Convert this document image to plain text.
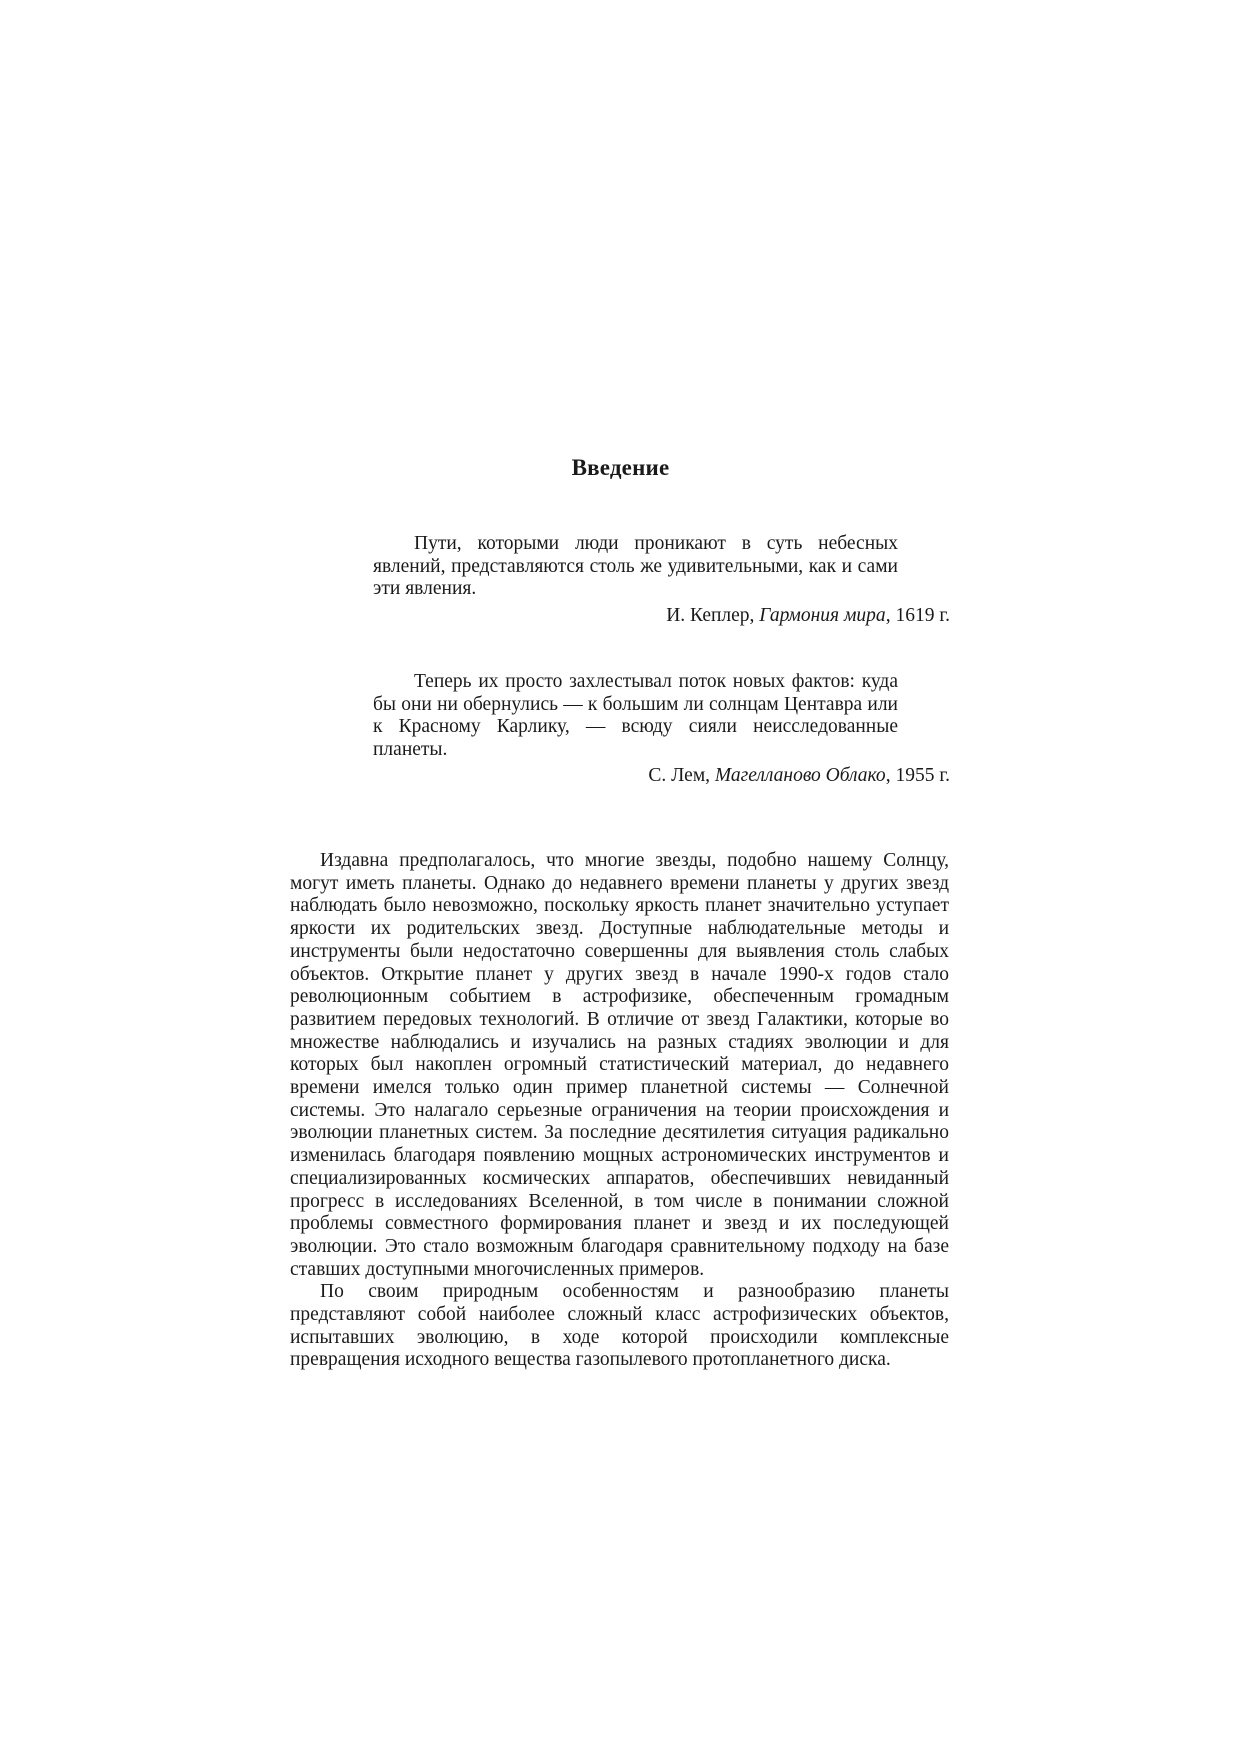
Введение

Пути, которыми люди проникают в суть небесных явлений, представляются столь же удивительными, как и сами эти явления.

И. Кеплер, Гармония мира, 1619 г.

Теперь их просто захлестывал поток новых фактов: куда бы они ни обернулись — к большим ли солнцам Центавра или к Красному Карлику, — всюду сияли неисследованные планеты.

С. Лем, Магелланово Облако, 1955 г.

Издавна предполагалось, что многие звезды, подобно нашему Солнцу, могут иметь планеты. Однако до недавнего времени планеты у других звезд наблюдать было невозможно, поскольку яркость планет значительно уступает яркости их родительских звезд. Доступные наблюдательные методы и инструменты были недостаточно совершенны для выявления столь слабых объектов. Открытие планет у других звезд в начале 1990-х годов стало революционным событием в астрофизике, обеспеченным громадным развитием передовых технологий. В отличие от звезд Галактики, которые во множестве наблюдались и изучались на разных стадиях эволюции и для которых был накоплен огромный статистический материал, до недавнего времени имелся только один пример планетной системы — Солнечной системы. Это налагало серьезные ограничения на теории происхождения и эволюции планетных систем. За последние десятилетия ситуация радикально изменилась благодаря появлению мощных астрономических инструментов и специализированных космических аппаратов, обеспечивших невиданный прогресс в исследованиях Вселенной, в том числе в понимании сложной проблемы совместного формирования планет и звезд и их последующей эволюции. Это стало возможным благодаря сравнительному подходу на базе ставших доступными многочисленных примеров.

По своим природным особенностям и разнообразию планеты представляют собой наиболее сложный класс астрофизических объектов, испытавших эволюцию, в ходе которой происходили комплексные превращения исходного вещества газопылевого протопланетного диска.
